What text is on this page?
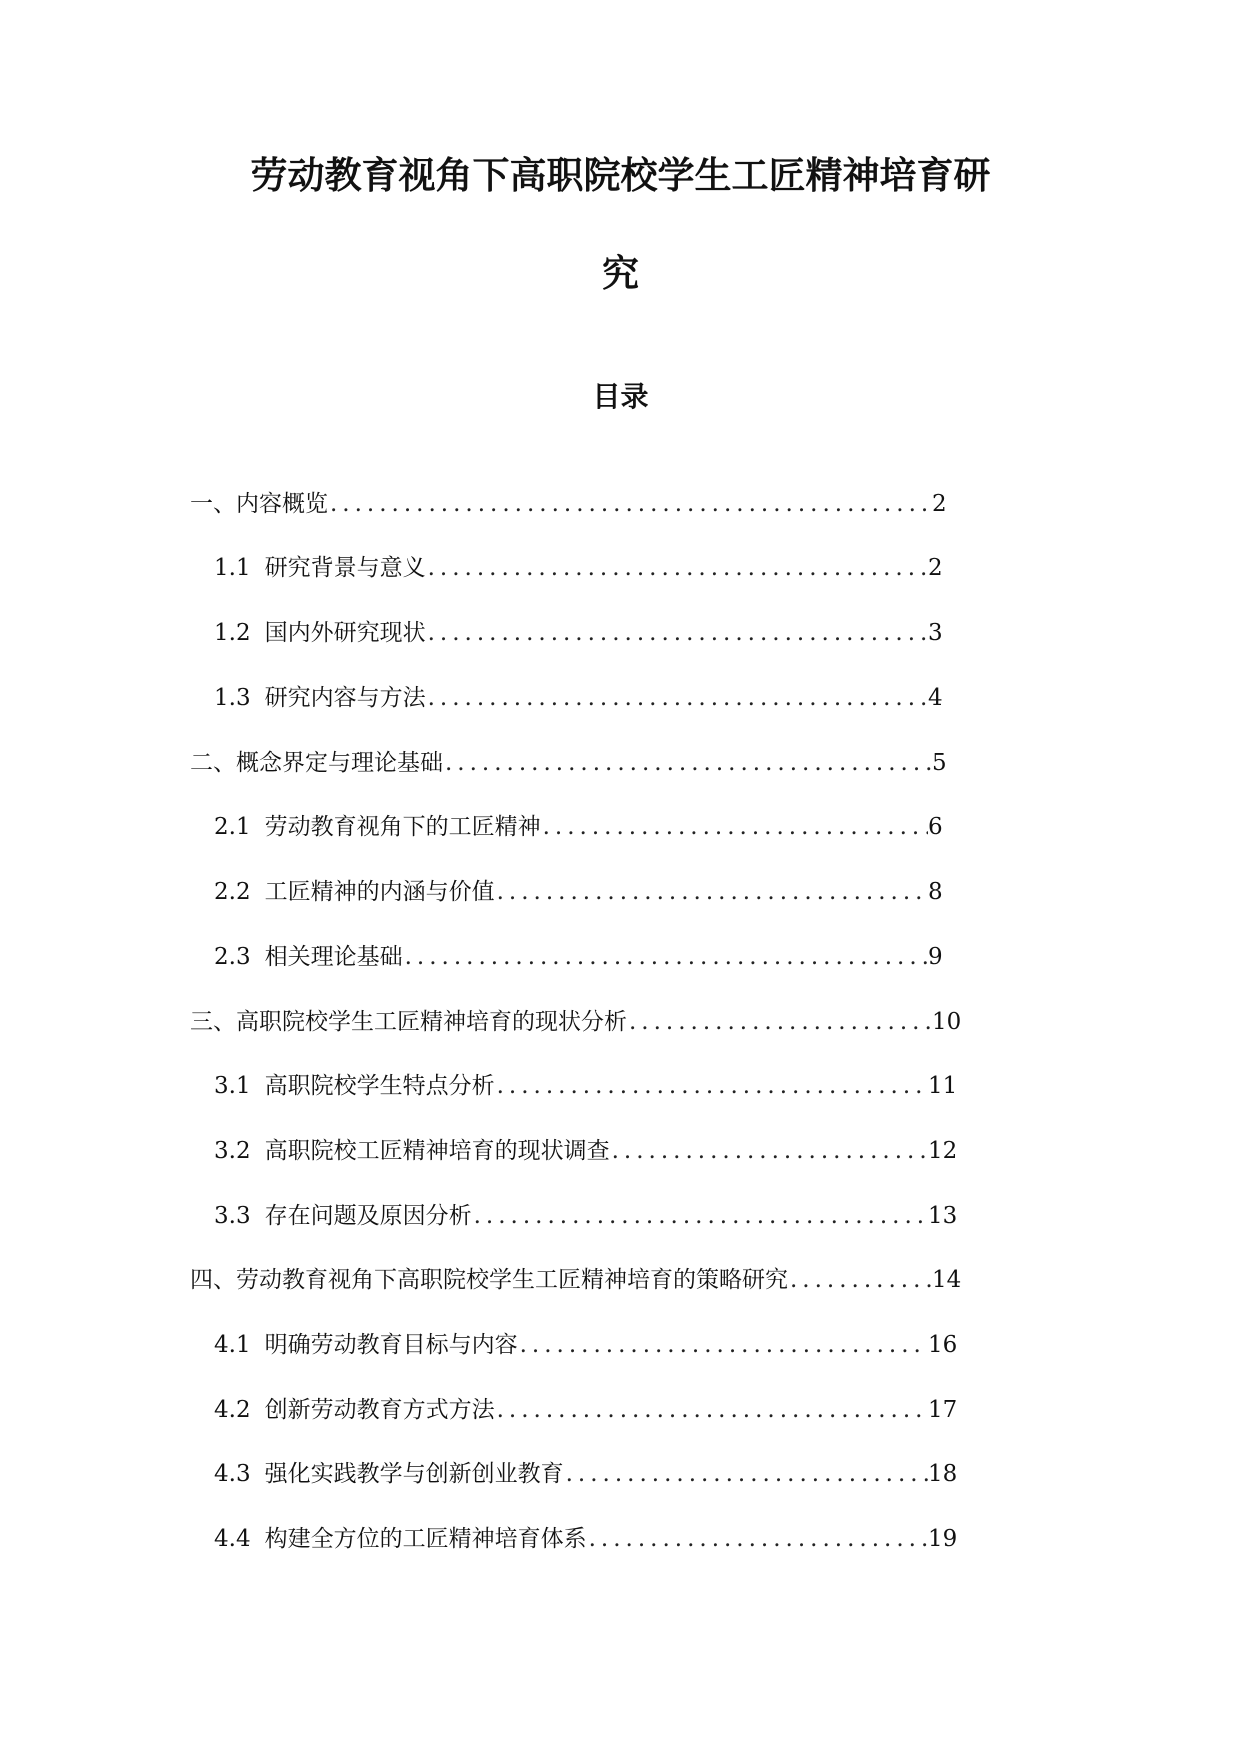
劳动教育视角下高职院校学生工匠精神培育研
究
目录
一、内容概览 .....	2
1.1 研究背景与意义 .....	2
1.2 国内外研究现状 .....	3
1.3 研究内容与方法 .....	4
二、概念界定与理论基础 .....	5
2.1 劳动教育视角下的工匠精神 .....	6
2.2 工匠精神的内涵与价值 .....	8
2.3 相关理论基础 .....	9
三、高职院校学生工匠精神培育的现状分析 .....	10
3.1 高职院校学生特点分析 .....	11
3.2 高职院校工匠精神培育的现状调查 .....	12
3.3 存在问题及原因分析 .....	13
四、劳动教育视角下高职院校学生工匠精神培育的策略研究 .....	14
4.1 明确劳动教育目标与内容 .....	16
4.2 创新劳动教育方式方法 .....	17
4.3 强化实践教学与创新创业教育 .....	18
4.4 构建全方位的工匠精神培育体系 .....	19
